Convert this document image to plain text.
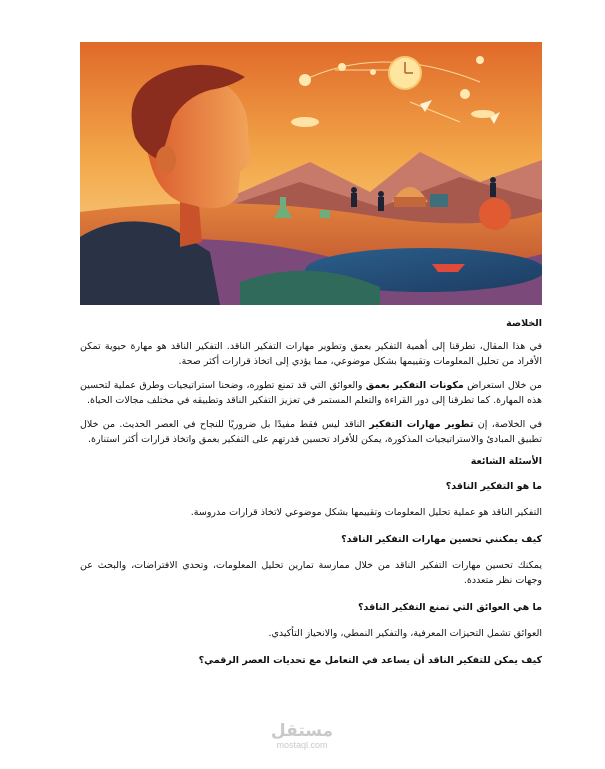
الخلاصة

في هذا المقال، تطرقنا إلى أهمية التفكير بعمق وتطوير مهارات التفكير الناقد. التفكير الناقد هو مهارة حيوية تمكن الأفراد من تحليل المعلومات وتقييمها بشكل موضوعي، مما يؤدي إلى اتخاذ قرارات أكثر صحة.

من خلال استعراض مكونات التفكير بعمق والعوائق التي قد تمنع تطوره، وضحنا استراتيجيات وطرق عملية لتحسين هذه المهارة. كما تطرقنا إلى دور القراءة والتعلم المستمر في تعزيز التفكير الناقد وتطبيقه في مختلف مجالات الحياة.

في الخلاصة، إن تطوير مهارات التفكير الناقد ليس فقط مفيدًا بل ضروريًا للنجاح في العصر الحديث. من خلال تطبيق المبادئ والاستراتيجيات المذكورة، يمكن للأفراد تحسين قدرتهم على التفكير بعمق واتخاذ قرارات أكثر استنارة.

الأسئلة الشائعة
ما هو التفكير الناقد؟

التفكير الناقد هو عملية تحليل المعلومات وتقييمها بشكل موضوعي لاتخاذ قرارات مدروسة.

كيف يمكنني تحسين مهارات التفكير الناقد؟

يمكنك تحسين مهارات التفكير الناقد من خلال ممارسة تمارين تحليل المعلومات، وتحدي الافتراضات، والبحث عن وجهات نظر متعددة.

ما هي العوائق التي تمنع التفكير الناقد؟

العوائق تشمل التحيزات المعرفية، والتفكير النمطي، والانحياز التأكيدي.

كيف يمكن للتفكير الناقد أن يساعد في التعامل مع تحديات العصر الرقمي؟
مستقل
mostaql.com
